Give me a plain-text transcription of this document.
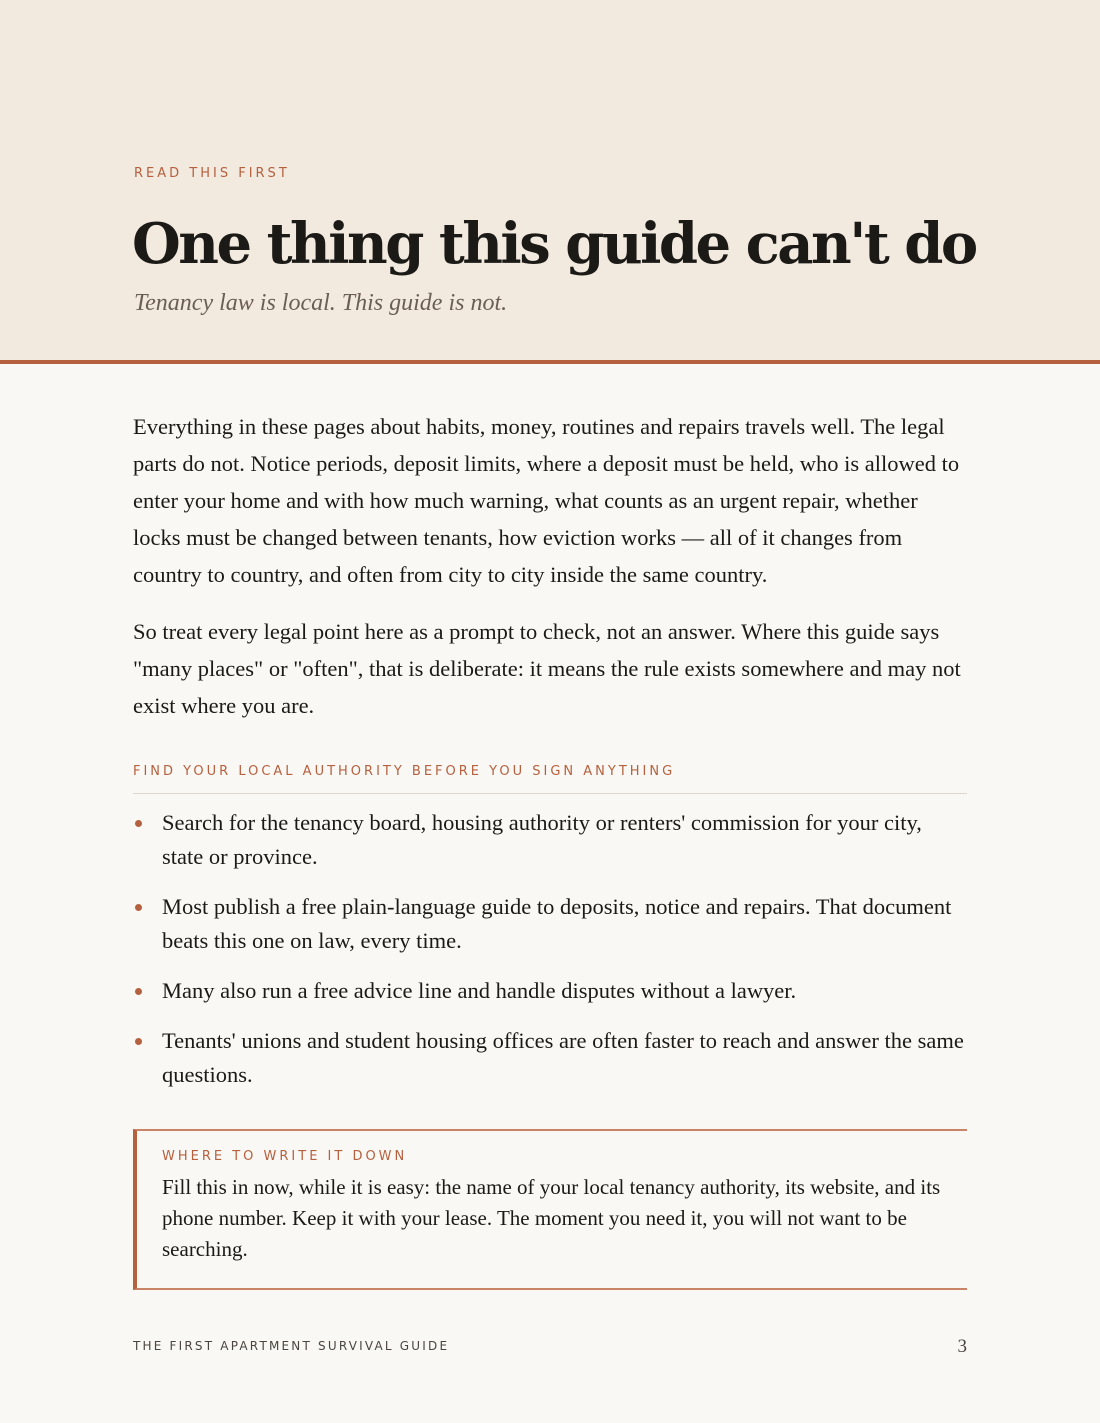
READ THIS FIRST
One thing this guide can't do
Tenancy law is local. This guide is not.

Everything in these pages about habits, money, routines and repairs travels well. The legal parts do not. Notice periods, deposit limits, where a deposit must be held, who is allowed to enter your home and with how much warning, what counts as an urgent repair, whether locks must be changed between tenants, how eviction works — all of it changes from country to country, and often from city to city inside the same country.

So treat every legal point here as a prompt to check, not an answer. Where this guide says "many places" or "often", that is deliberate: it means the rule exists somewhere and may not exist where you are.

FIND YOUR LOCAL AUTHORITY BEFORE YOU SIGN ANYTHING
Search for the tenancy board, housing authority or renters' commission for your city, state or province.
Most publish a free plain-language guide to deposits, notice and repairs. That document beats this one on law, every time.
Many also run a free advice line and handle disputes without a lawyer.
Tenants' unions and student housing offices are often faster to reach and answer the same questions.
WHERE TO WRITE IT DOWN
Fill this in now, while it is easy: the name of your local tenancy authority, its website, and its phone number. Keep it with your lease. The moment you need it, you will not want to be searching.
THE FIRST APARTMENT SURVIVAL GUIDE	3
